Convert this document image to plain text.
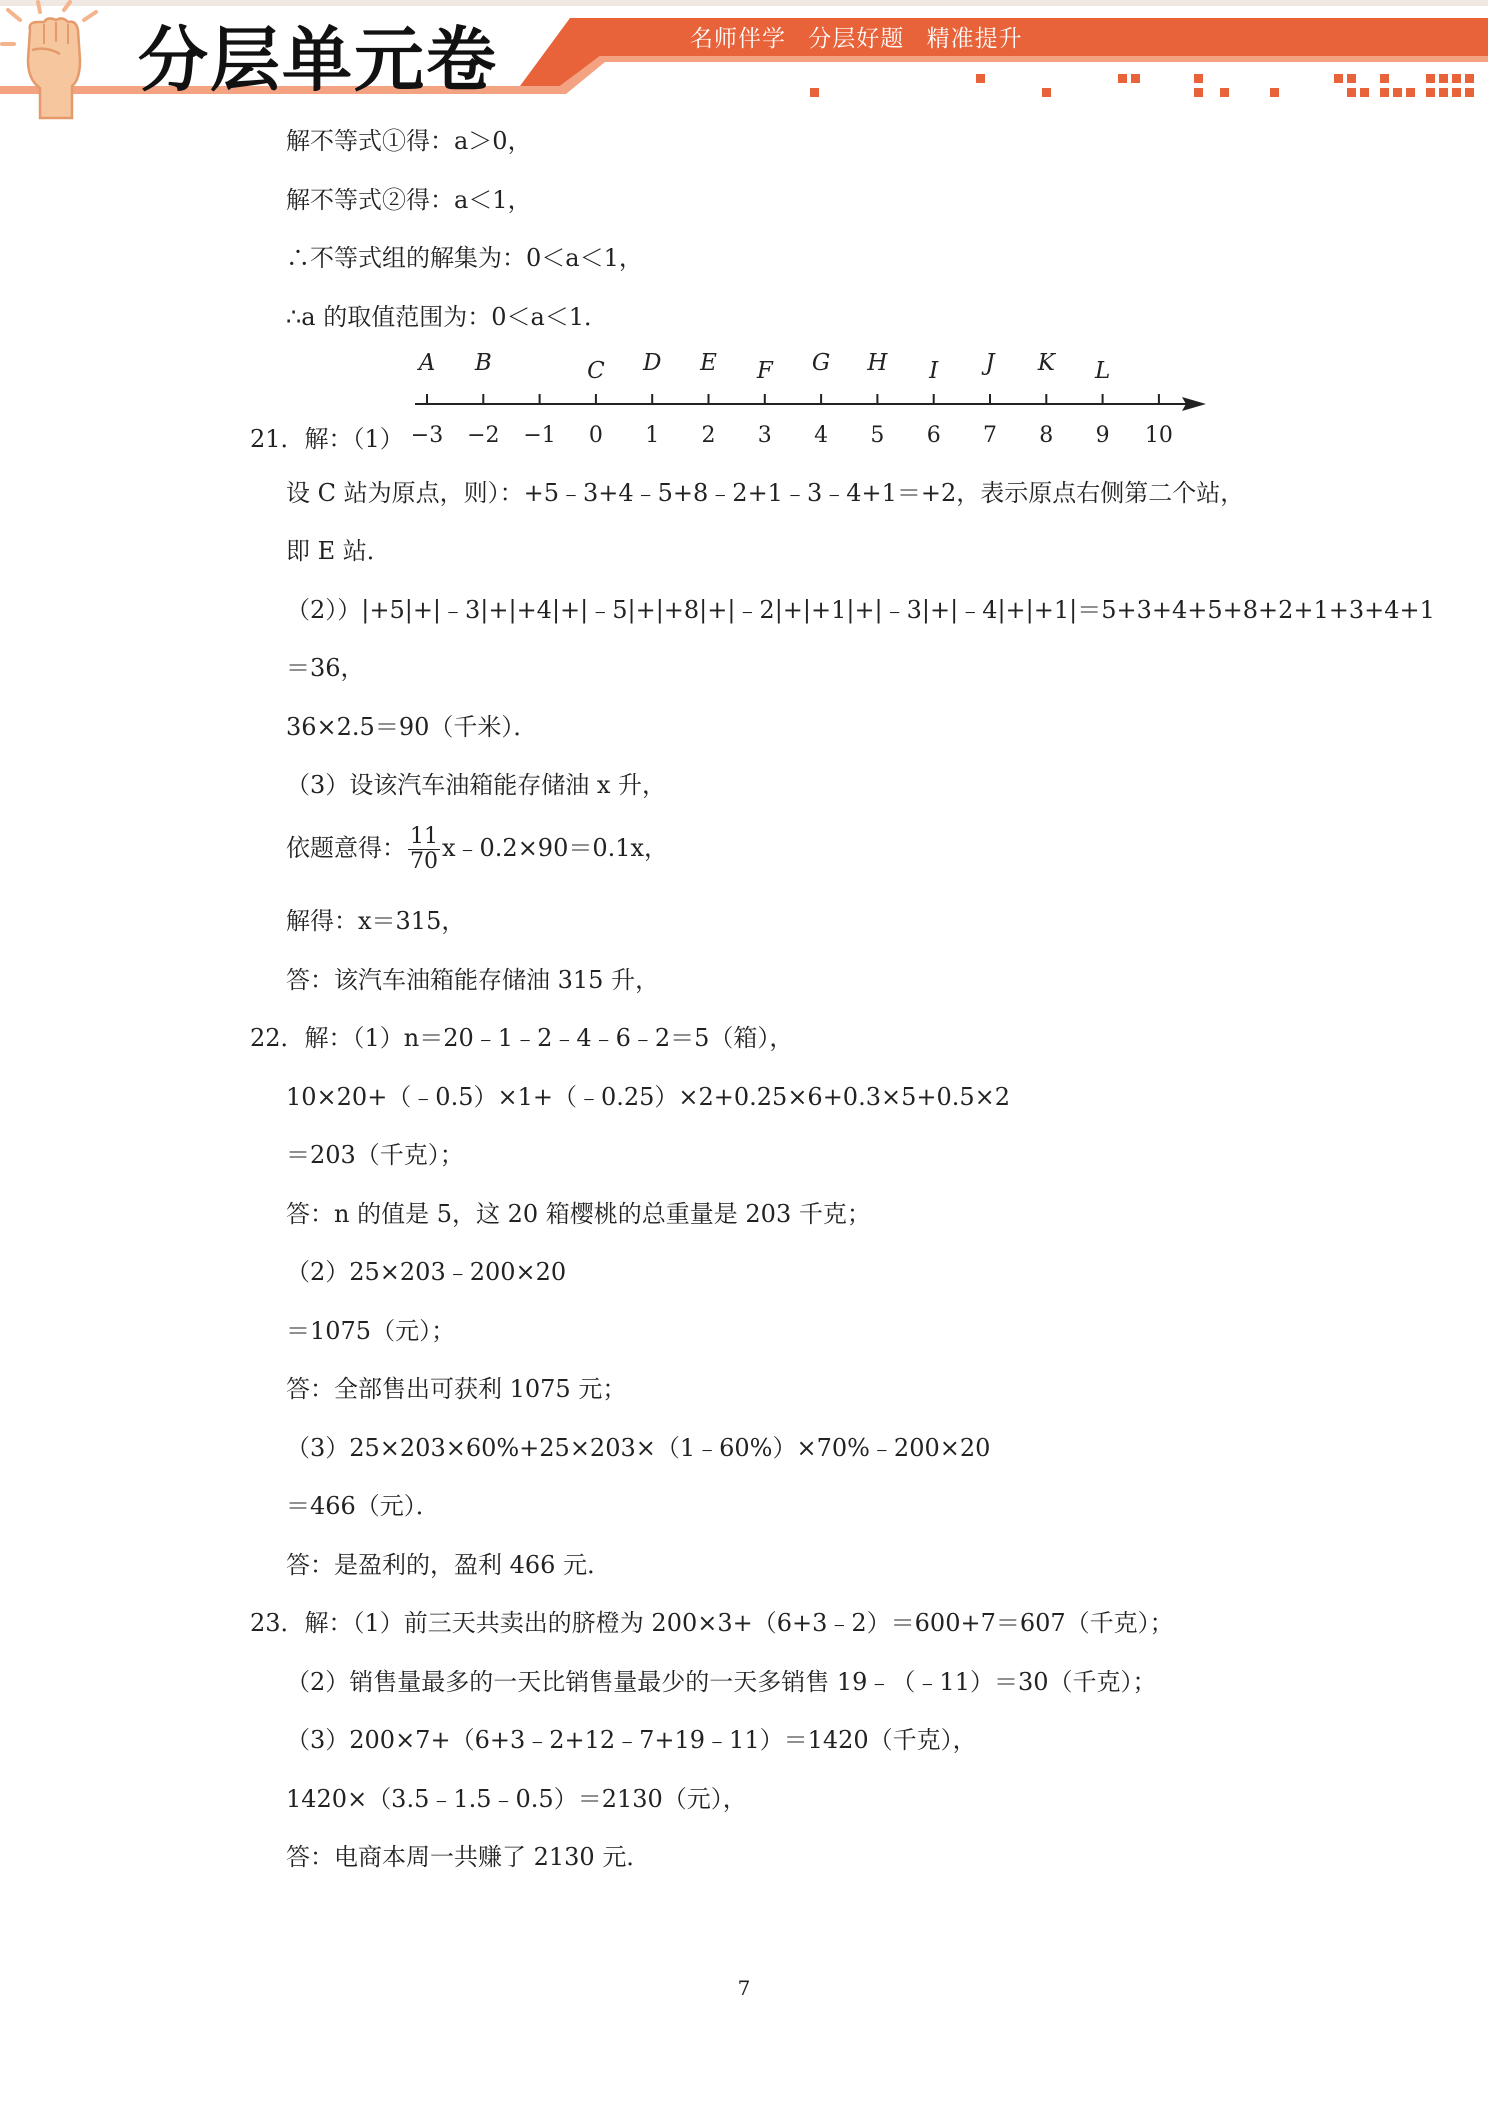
分层单元卷	名师伴学 分层好题 精准提升
解不等式①得：a＞0，
解不等式②得：a＜1，
∴不等式组的解集为：0＜a＜1，
∴a 的取值范围为：0＜a＜1．
−3 −2 −1 0 1 2 3 4 5 6 7 8 9 10
A B	C D E F G H I J K L
21．解：（1）
设 C 站为原点，则）：+5﹣3+4﹣5+8﹣2+1﹣3﹣4+1＝+2，表示原点右侧第二个站，
即 E 站．
（2））|+5|+|﹣3|+|+4|+|﹣5|+|+8|+|﹣2|+|+1|+|﹣3|+|﹣4|+|+1|＝5+3+4+5+8+2+1+3+4+1
＝36，
36×2.5＝90（千米）．
（3）设该汽车油箱能存储油 x 升，
依题意得： $\frac{11}{70}$ x﹣0.2×90＝0.1x，
解得：x＝315，
答：该汽车油箱能存储油 315 升，
22．解：（1）n＝20﹣1﹣2﹣4﹣6﹣2＝5（箱），
10×20+（﹣0.5）×1+（﹣0.25）×2+0.25×6+0.3×5+0.5×2
＝203（千克）；
答：n 的值是 5，这 20 箱樱桃的总重量是 203 千克；
（2）25×203﹣200×20
＝1075（元）；
答：全部售出可获利 1075 元；
（3）25×203×60%+25×203×（1﹣60%）×70%﹣200×20
＝466（元）．
答：是盈利的，盈利 466 元．
23．解：（1）前三天共卖出的脐橙为 200×3+（6+3﹣2）＝600+7＝607（千克）；
（2）销售量最多的一天比销售量最少的一天多销售 19﹣（﹣11）＝30（千克）；
（3）200×7+（6+3﹣2+12﹣7+19﹣11）＝1420（千克），
1420×（3.5﹣1.5﹣0.5）＝2130（元），
答：电商本周一共赚了 2130 元．
7
